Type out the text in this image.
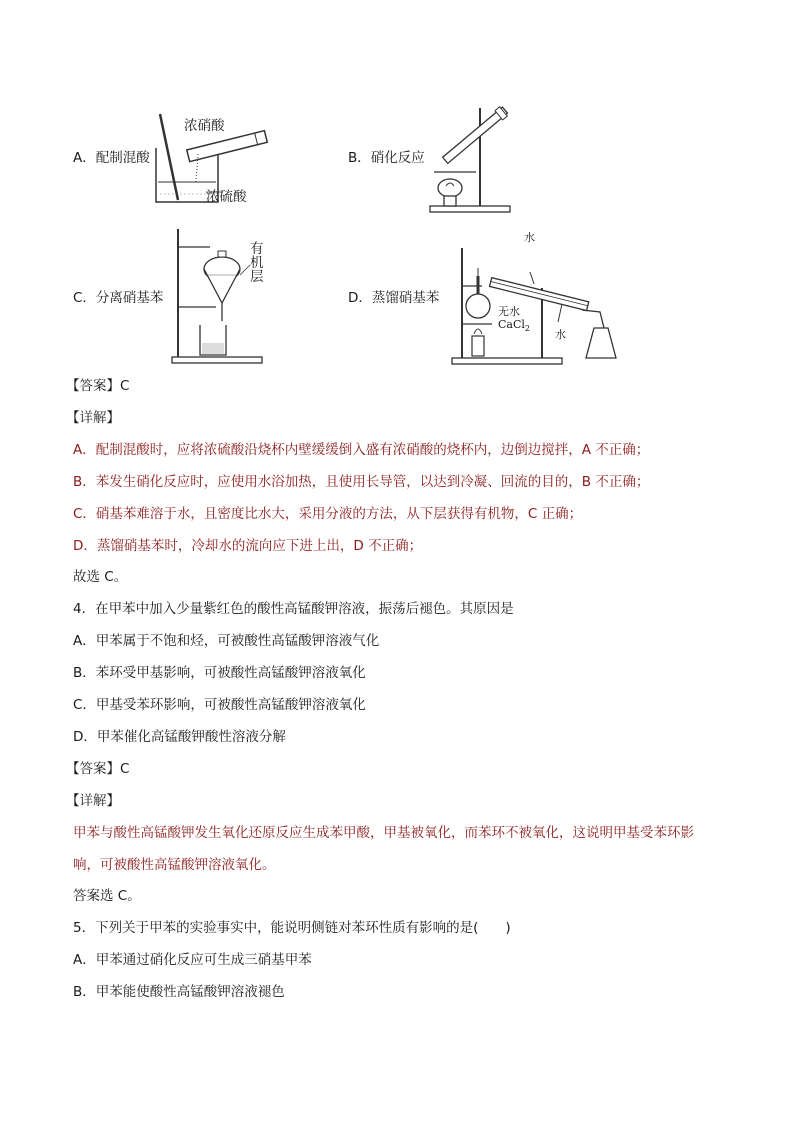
A．配制混酸
浓硝酸
浓硫酸
B．硝化反应
C．分离硝基苯
有
机
层
D．蒸馏硝基苯
水
水
无水
CaCl$_2$
【答案】C
【详解】
A．配制混酸时，应将浓硫酸沿烧杯内壁缓缓倒入盛有浓硝酸的烧杯内，边倒边搅拌，A 不正确；
B．苯发生硝化反应时，应使用水浴加热，且使用长导管，以达到冷凝、回流的目的，B 不正确；
C．硝基苯难溶于水，且密度比水大，采用分液的方法，从下层获得有机物，C 正确；
D．蒸馏硝基苯时，冷却水的流向应下进上出，D 不正确；
故选 C。
4．在甲苯中加入少量紫红色的酸性高锰酸钾溶液，振荡后褪色。其原因是
A．甲苯属于不饱和烃，可被酸性高锰酸钾溶液气化
B．苯环受甲基影响，可被酸性高锰酸钾溶液氧化
C．甲基受苯环影响，可被酸性高锰酸钾溶液氧化
D．甲苯催化高锰酸钾酸性溶液分解
【答案】C
【详解】
甲苯与酸性高锰酸钾发生氧化还原反应生成苯甲酸，甲基被氧化，而苯环不被氧化，这说明甲基受苯环影
响，可被酸性高锰酸钾溶液氧化。
答案选 C。
5．下列关于甲苯的实验事实中，能说明侧链对苯环性质有影响的是(　　)
A．甲苯通过硝化反应可生成三硝基甲苯
B．甲苯能使酸性高锰酸钾溶液褪色
